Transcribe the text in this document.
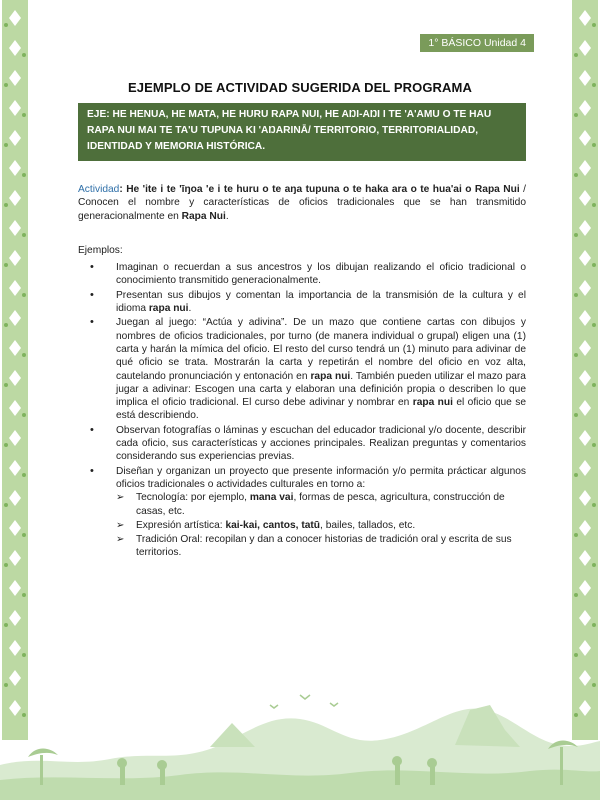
1° BÁSICO Unidad 4
EJEMPLO DE ACTIVIDAD SUGERIDA DEL PROGRAMA
EJE: HE HENUA, HE MATA, HE HURU RAPA NUI, HE AŊI-AŊI I TE 'A'AMU O TE HAU RAPA NUI MAI TE TA'U TUPUNA KI 'AŊARINĀ/ TERRITORIO, TERRITORIALIDAD, IDENTIDAD Y MEMORIA HISTÓRICA.

Actividad: He 'ite i te 'īŋoa 'e i te huru o te aŋa tupuna o te haka ara o te hua'ai o Rapa Nui / Conocen el nombre y características de oficios tradicionales que se han transmitido generacionalmente en Rapa Nui.

Ejemplos:
• Imaginan o recuerdan a sus ancestros y los dibujan realizando el oficio tradicional o conocimiento transmitido generacionalmente.
• Presentan sus dibujos y comentan la importancia de la transmisión de la cultura y el idioma rapa nui.
• Juegan al juego: “Actúa y adivina”. De un mazo que contiene cartas con dibujos y nombres de oficios tradicionales, por turno (de manera individual o grupal) eligen una (1) carta y harán la mímica del oficio. El resto del curso tendrá un (1) minuto para adivinar de qué oficio se trata. Mostrarán la carta y repetirán el nombre del oficio en voz alta, cautelando pronunciación y entonación en rapa nui. También pueden utilizar el mazo para jugar a adivinar: Escogen una carta y elaboran una definición propia o describen lo que implica el oficio tradicional. El curso debe adivinar y nombrar en rapa nui el oficio que se está describiendo.
• Observan fotografías o láminas y escuchan del educador tradicional y/o docente, describir cada oficio, sus características y acciones principales. Realizan preguntas y comentarios considerando sus experiencias previas.
• Diseñan y organizan un proyecto que presente información y/o permita prácticar algunos oficios tradicionales o actividades culturales en torno a:
➢ Tecnología: por ejemplo, mana vai, formas de pesca, agricultura, construcción de casas, etc.
➢ Expresión artística: kai-kai, cantos, tatū, bailes, tallados, etc.
➢ Tradición Oral: recopilan y dan a conocer historias de tradición oral y escrita de sus territorios.
